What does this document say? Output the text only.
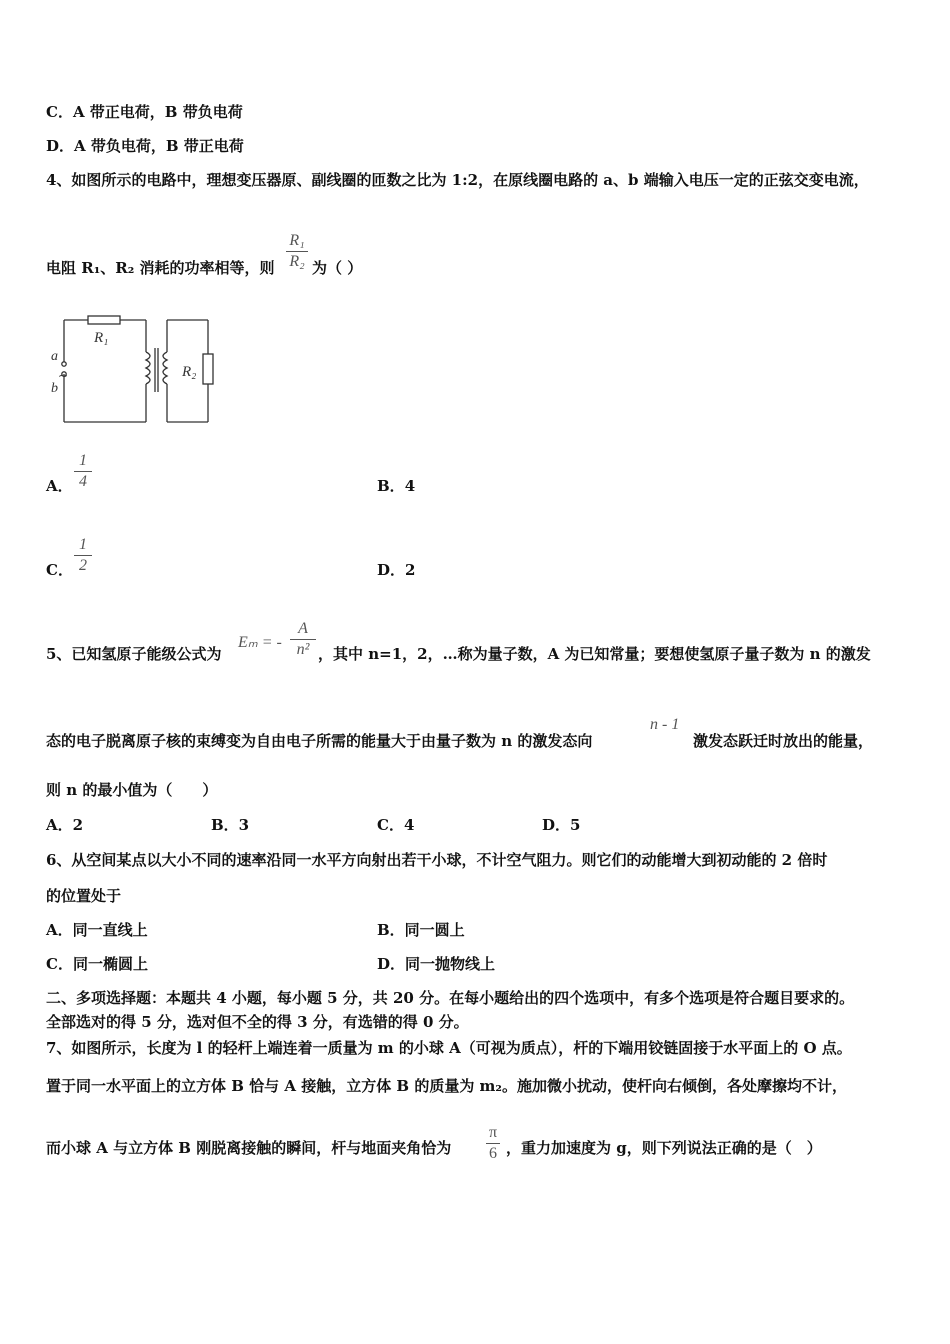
C．A 带正电荷，B 带负电荷
D．A 带负电荷，B 带正电荷
4、如图所示的电路中，理想变压器原、副线圈的匝数之比为 1:2，在原线圈电路的 a、b 端输入电压一定的正弦交变电流，
电阻 R₁、R₂ 消耗的功率相等，则
R₁
R₂ 为（ ）
R₁
R₂
a
b
~
A．
1
4	B．4
C．
1
2	D．2
5、已知氢原子能级公式为
Eₘ = -
A
n² ，其中 n=1，2，…称为量子数，A 为已知常量；要想使氢原子量子数为 n 的激发
态的电子脱离原子核的束缚变为自由电子所需的能量大于由量子数为 n 的激发态向
n - 1
激发态跃迁时放出的能量，
则 n 的最小值为（　　）
A．2	B．3	C．4	D．5
6、从空间某点以大小不同的速率沿同一水平方向射出若干小球，不计空气阻力。则它们的动能增大到初动能的 2 倍时
的位置处于
A．同一直线上	B．同一圆上
C．同一椭圆上	D．同一抛物线上
二、多项选择题：本题共 4 小题，每小题 5 分，共 20 分。在每小题给出的四个选项中，有多个选项是符合题目要求的。
全部选对的得 5 分，选对但不全的得 3 分，有选错的得 0 分。
7、如图所示，长度为 l 的轻杆上端连着一质量为 m 的小球 A（可视为质点），杆的下端用铰链固接于水平面上的 O 点。
置于同一水平面上的立方体 B 恰与 A 接触，立方体 B 的质量为 m₂。施加微小扰动，使杆向右倾倒，各处摩擦均不计，
而小球 A 与立方体 B 刚脱离接触的瞬间，杆与地面夹角恰为
π
6 ，重力加速度为 g，则下列说法正确的是（　）
